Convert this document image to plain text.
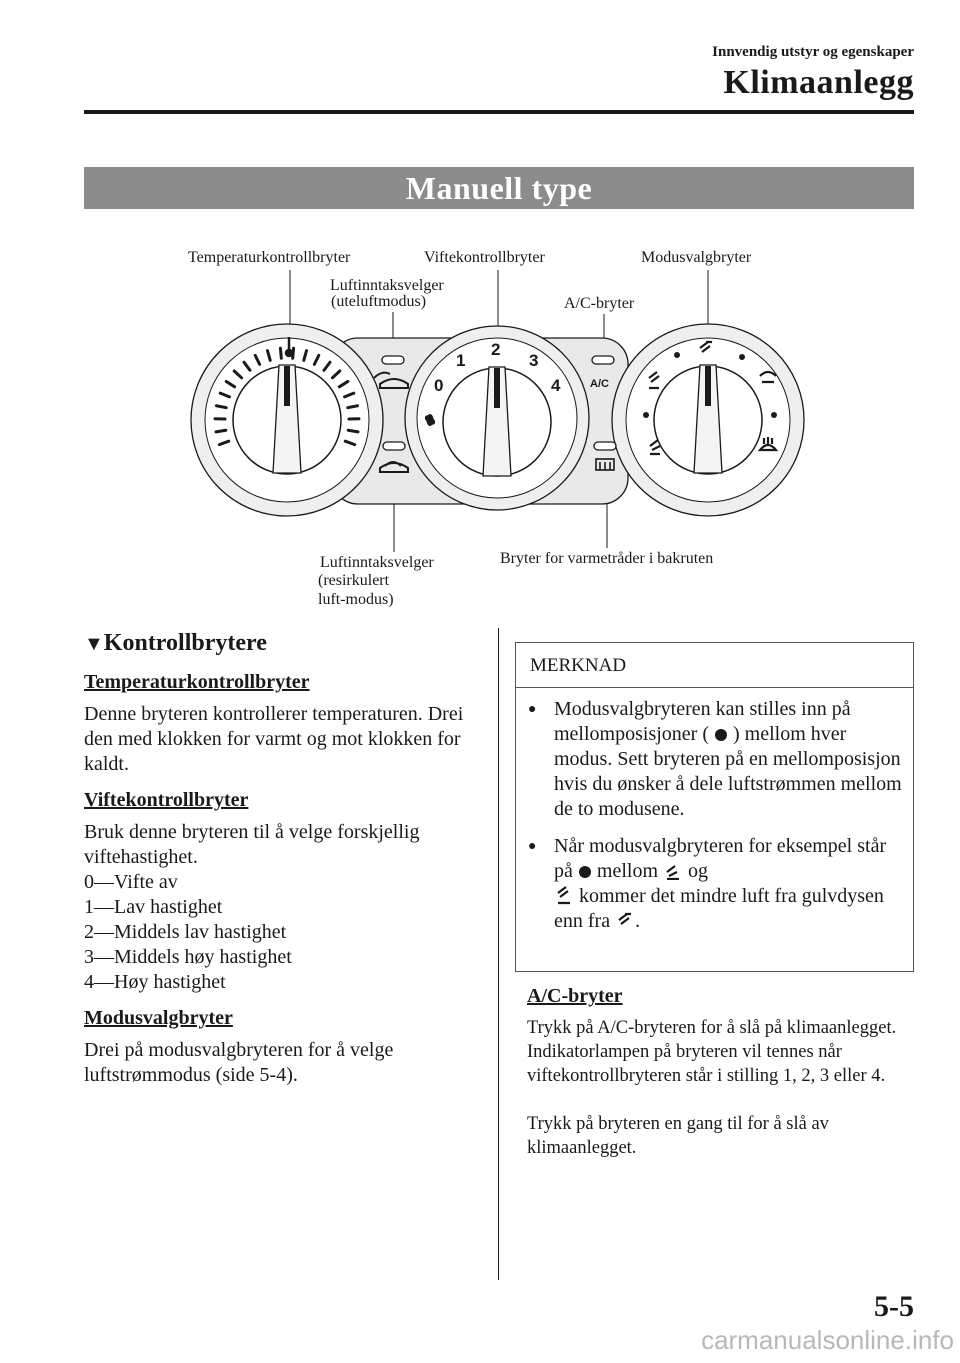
Innvendig utstyr og egenskaper
Klimaanlegg
Manuell type
Temperaturkontrollbryter	Viftekontrollbryter	Modusvalgbryter
Luftinntaksvelger
(uteluftmodus)	A/C-bryter
Luftinntaksvelger
(resirkulert
luft-modus)
Bryter for varmetråder i bakruten
0
1
2
3
4	A/C
▼Kontrollbrytere
Temperaturkontrollbryter
Denne bryteren kontrollerer temperaturen. Drei den med klokken for varmt og mot klokken for kaldt.
Viftekontrollbryter
Bruk denne bryteren til å velge forskjellig viftehastighet.
0—Vifte av
1—Lav hastighet
2—Middels lav hastighet
3—Middels høy hastighet
4—Høy hastighet
Modusvalgbryter
Drei på modusvalgbryteren for å velge luftstrømmodus (side 5-4).
MERKNAD
● Modusvalgbryteren kan stilles inn på mellomposisjoner ( ) mellom hver modus. Sett bryteren på en mellomposisjon hvis du ønsker å dele luftstrømmen mellom de to modusene.
● Når modusvalgbryteren for eksempel står på mellom og
kommer det mindre luft fra gulvdysen enn fra .
A/C-bryter
Trykk på A/C-bryteren for å slå på klimaanlegget. Indikatorlampen på bryteren vil tennes når viftekontrollbryteren står i stilling 1, 2, 3 eller 4.
Trykk på bryteren en gang til for å slå av klimaanlegget.
5-5
carmanualsonline.info
